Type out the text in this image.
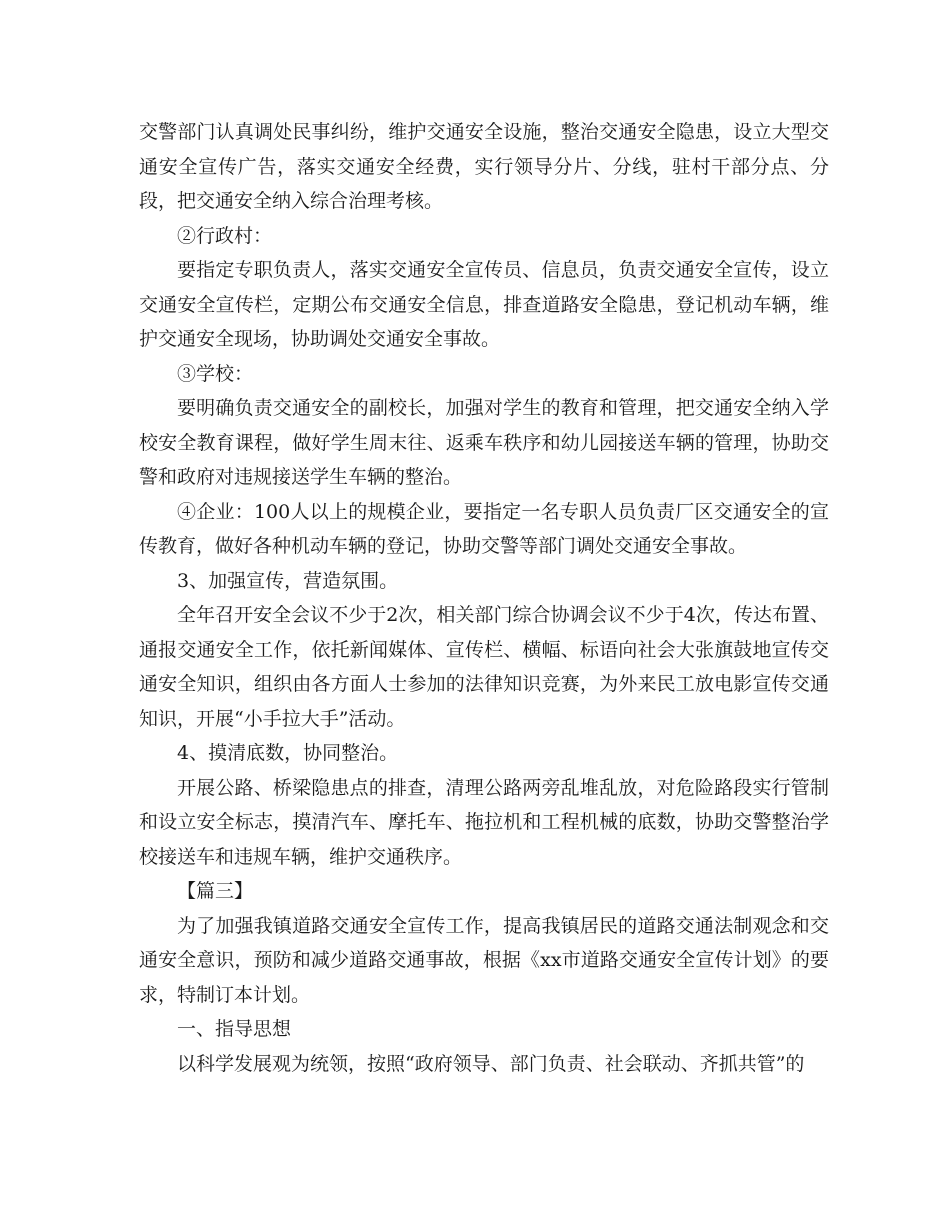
交警部门认真调处民事纠纷，维护交通安全设施，整治交通安全隐患，设立大型交通安全宣传广告，落实交通安全经费，实行领导分片、分线，驻村干部分点、分段，把交通安全纳入综合治理考核。

②行政村：

要指定专职负责人，落实交通安全宣传员、信息员，负责交通安全宣传，设立交通安全宣传栏，定期公布交通安全信息，排查道路安全隐患，登记机动车辆，维护交通安全现场，协助调处交通安全事故。

③学校：

要明确负责交通安全的副校长，加强对学生的教育和管理，把交通安全纳入学校安全教育课程，做好学生周末往、返乘车秩序和幼儿园接送车辆的管理，协助交警和政府对违规接送学生车辆的整治。

④企业：100人以上的规模企业，要指定一名专职人员负责厂区交通安全的宣传教育，做好各种机动车辆的登记，协助交警等部门调处交通安全事故。

3、加强宣传，营造氛围。

全年召开安全会议不少于2次，相关部门综合协调会议不少于4次，传达布置、通报交通安全工作，依托新闻媒体、宣传栏、横幅、标语向社会大张旗鼓地宣传交通安全知识，组织由各方面人士参加的法律知识竞赛，为外来民工放电影宣传交通知识，开展“小手拉大手”活动。

4、摸清底数，协同整治。

开展公路、桥梁隐患点的排查，清理公路两旁乱堆乱放，对危险路段实行管制和设立安全标志，摸清汽车、摩托车、拖拉机和工程机械的底数，协助交警整治学校接送车和违规车辆，维护交通秩序。

【篇三】

为了加强我镇道路交通安全宣传工作，提高我镇居民的道路交通法制观念和交通安全意识，预防和减少道路交通事故，根据《xx市道路交通安全宣传计划》的要求，特制订本计划。

一、指导思想

以科学发展观为统领，按照“政府领导、部门负责、社会联动、齐抓共管”的
